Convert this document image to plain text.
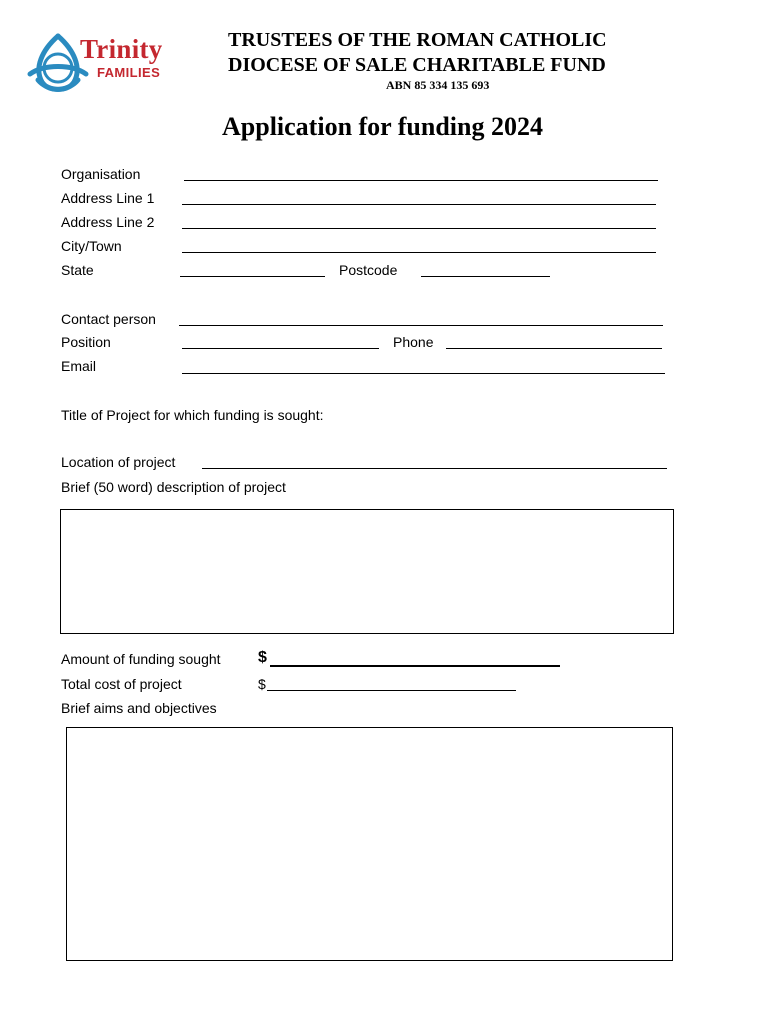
Trinity
FAMILIES
TRUSTEES OF THE ROMAN CATHOLIC
DIOCESE OF SALE CHARITABLE FUND
ABN 85 334 135 693
Application for funding 2024
Organisation
Address Line 1
Address Line 2
City/Town
State	Postcode
Contact person
Position	Phone
Email
Title of Project for which funding is sought:
Location of project
Brief (50 word) description of project
Amount of funding sought $
Total cost of project	$
Brief aims and objectives
